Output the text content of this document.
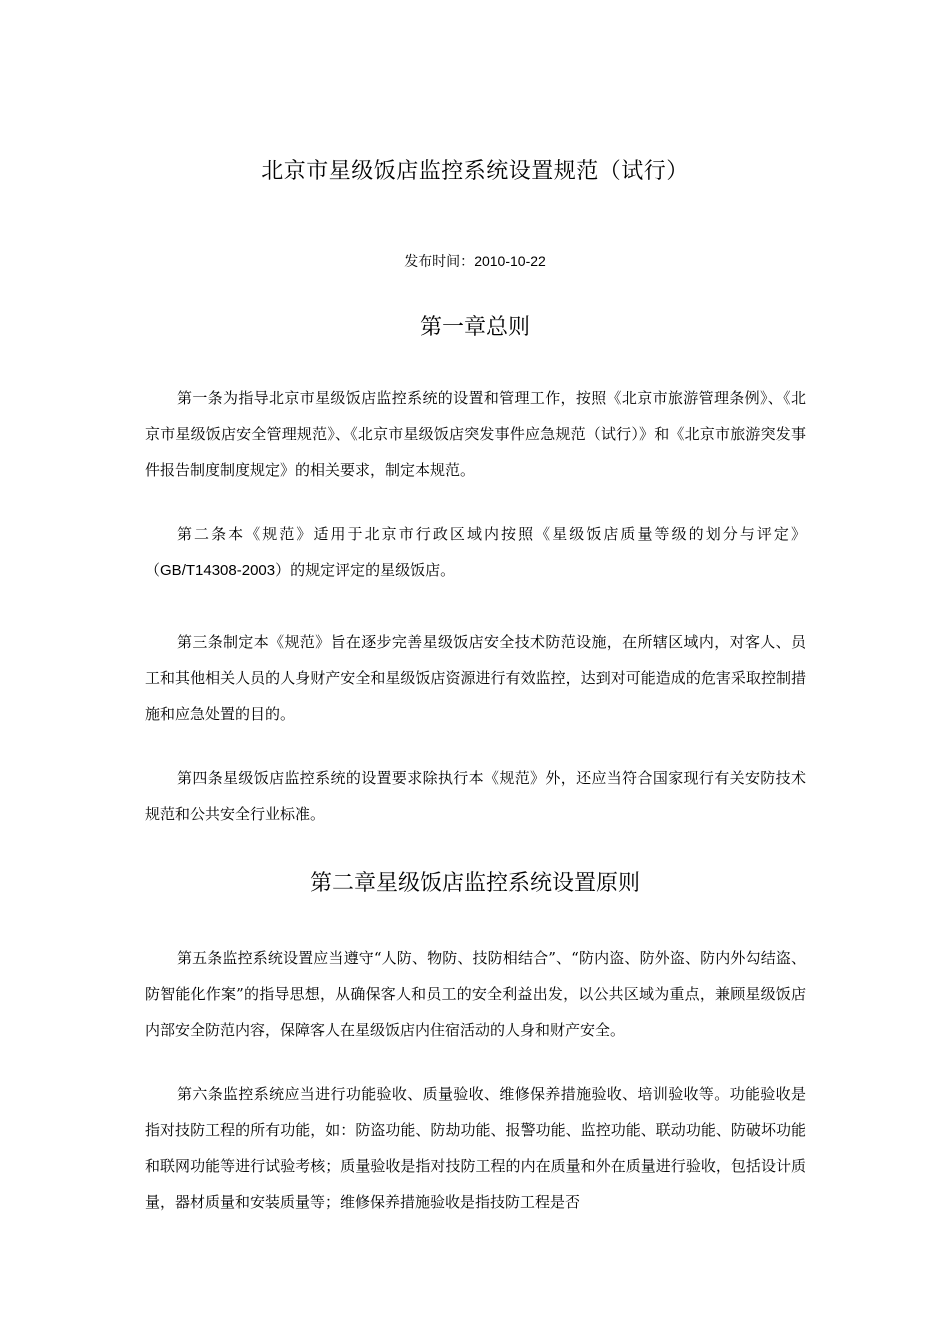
北京市星级饭店监控系统设置规范（试行）
发布时间：2010-10-22
第一章总则

第一条为指导北京市星级饭店监控系统的设置和管理工作，按照《北京市旅游管理条例》、《北京市星级饭店安全管理规范》、《北京市星级饭店突发事件应急规范（试行）》和《北京市旅游突发事件报告制度制度规定》的相关要求，制定本规范。

第二条本《规范》适用于北京市行政区域内按照《星级饭店质量等级的划分与评定》（GB/T14308-2003）的规定评定的星级饭店。

第三条制定本《规范》旨在逐步完善星级饭店安全技术防范设施，在所辖区域内，对客人、员工和其他相关人员的人身财产安全和星级饭店资源进行有效监控，达到对可能造成的危害采取控制措施和应急处置的目的。

第四条星级饭店监控系统的设置要求除执行本《规范》外，还应当符合国家现行有关安防技术规范和公共安全行业标准。

第二章星级饭店监控系统设置原则

第五条监控系统设置应当遵守“人防、物防、技防相结合”、“防内盗、防外盗、防内外勾结盗、防智能化作案”的指导思想，从确保客人和员工的安全利益出发，以公共区域为重点，兼顾星级饭店内部安全防范内容，保障客人在星级饭店内住宿活动的人身和财产安全。

第六条监控系统应当进行功能验收、质量验收、维修保养措施验收、培训验收等。功能验收是指对技防工程的所有功能，如：防盗功能、防劫功能、报警功能、监控功能、联动功能、防破坏功能和联网功能等进行试验考核；质量验收是指对技防工程的内在质量和外在质量进行验收，包括设计质量，器材质量和安装质量等；维修保养措施验收是指技防工程是否
